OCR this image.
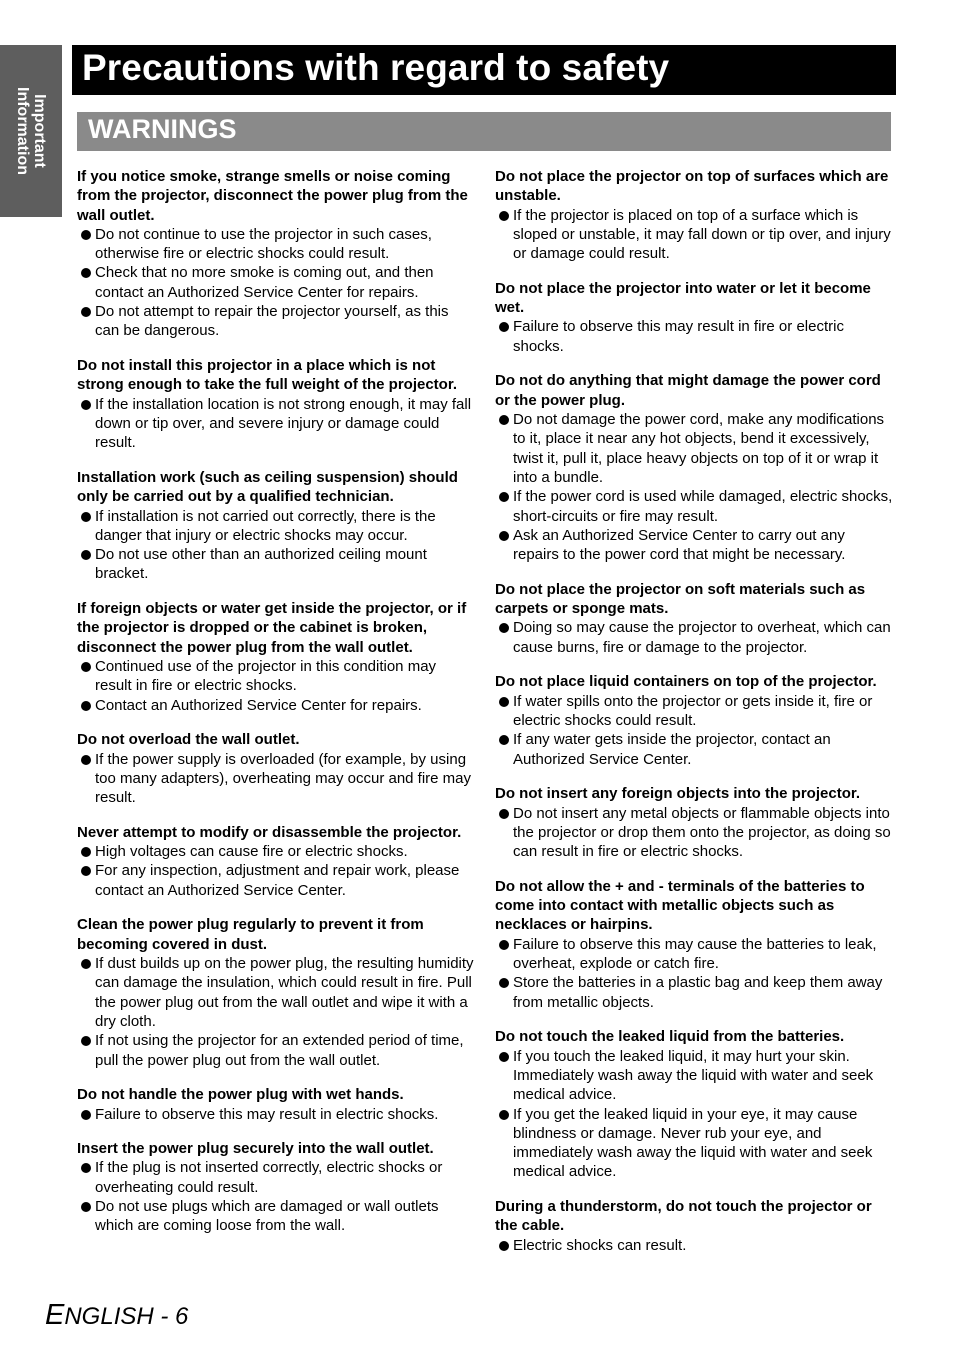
Important
Information
Precautions with regard to safety
WARNINGS
If you notice smoke, strange smells or noise coming from the projector, disconnect the power plug from the wall outlet.
Do not continue to use the projector in such cases, otherwise fire or electric shocks could result.
Check that no more smoke is coming out, and then contact an Authorized Service Center for repairs.
Do not attempt to repair the projector yourself, as this can be dangerous.
Do not install this projector in a place which is not strong enough to take the full weight of the projector.
If the installation location is not strong enough, it may fall down or tip over, and severe injury or damage could result.
Installation work (such as ceiling suspension) should only be carried out by a qualified technician.
If installation is not carried out correctly, there is the danger that injury or electric shocks may occur.
Do not use other than an authorized ceiling mount bracket.
If foreign objects or water get inside the projector, or if the projector is dropped or the cabinet is broken, disconnect the power plug from the wall outlet.
Continued use of the projector in this condition may result in fire or electric shocks.
Contact an Authorized Service Center for repairs.
Do not overload the wall outlet.
If the power supply is overloaded (for example, by using too many adapters), overheating may occur and fire may result.
Never attempt to modify or disassemble the projector.
High voltages can cause fire or electric shocks.
For any inspection, adjustment and repair work, please contact an Authorized Service Center.
Clean the power plug regularly to prevent it from becoming covered in dust.
If dust builds up on the power plug, the resulting humidity can damage the insulation, which could result in fire. Pull the power plug out from the wall outlet and wipe it with a dry cloth.
If not using the projector for an extended period of time, pull the power plug out from the wall outlet.
Do not handle the power plug with wet hands.
Failure to observe this may result in electric shocks.
Insert the power plug securely into the wall outlet.
If the plug is not inserted correctly, electric shocks or overheating could result.
Do not use plugs which are damaged or wall outlets which are coming loose from the wall.
Do not place the projector on top of surfaces which are unstable.
If the projector is placed on top of a surface which is sloped or unstable, it may fall down or tip over, and injury or damage could result.
Do not place the projector into water or let it become wet.
Failure to observe this may result in fire or electric shocks.
Do not do anything that might damage the power cord or the power plug.
Do not damage the power cord, make any modifications to it, place it near any hot objects, bend it excessively, twist it, pull it, place heavy objects on top of it or wrap it into a bundle.
If the power cord is used while damaged, electric shocks, short-circuits or fire may result.
Ask an Authorized Service Center to carry out any repairs to the power cord that might be necessary.
Do not place the projector on soft materials such as carpets or sponge mats.
Doing so may cause the projector to overheat, which can cause burns, fire or damage to the projector.
Do not place liquid containers on top of the projector.
If water spills onto the projector or gets inside it, fire or electric shocks could result.
If any water gets inside the projector, contact an Authorized Service Center.
Do not insert any foreign objects into the projector.
Do not insert any metal objects or flammable objects into the projector or drop them onto the projector, as doing so can result in fire or electric shocks.
Do not allow the + and - terminals of the batteries to come into contact with metallic objects such as necklaces or hairpins.
Failure to observe this may cause the batteries to leak, overheat, explode or catch fire.
Store the batteries in a plastic bag and keep them away from metallic objects.
Do not touch the leaked liquid from the batteries.
If you touch the leaked liquid, it may hurt your skin. Immediately wash away the liquid with water and seek medical advice.
If you get the leaked liquid in your eye, it may cause blindness or damage. Never rub your eye, and immediately wash away the liquid with water and seek medical advice.
During a thunderstorm, do not touch the projector or the cable.
Electric shocks can result.
ENGLISH - 6
